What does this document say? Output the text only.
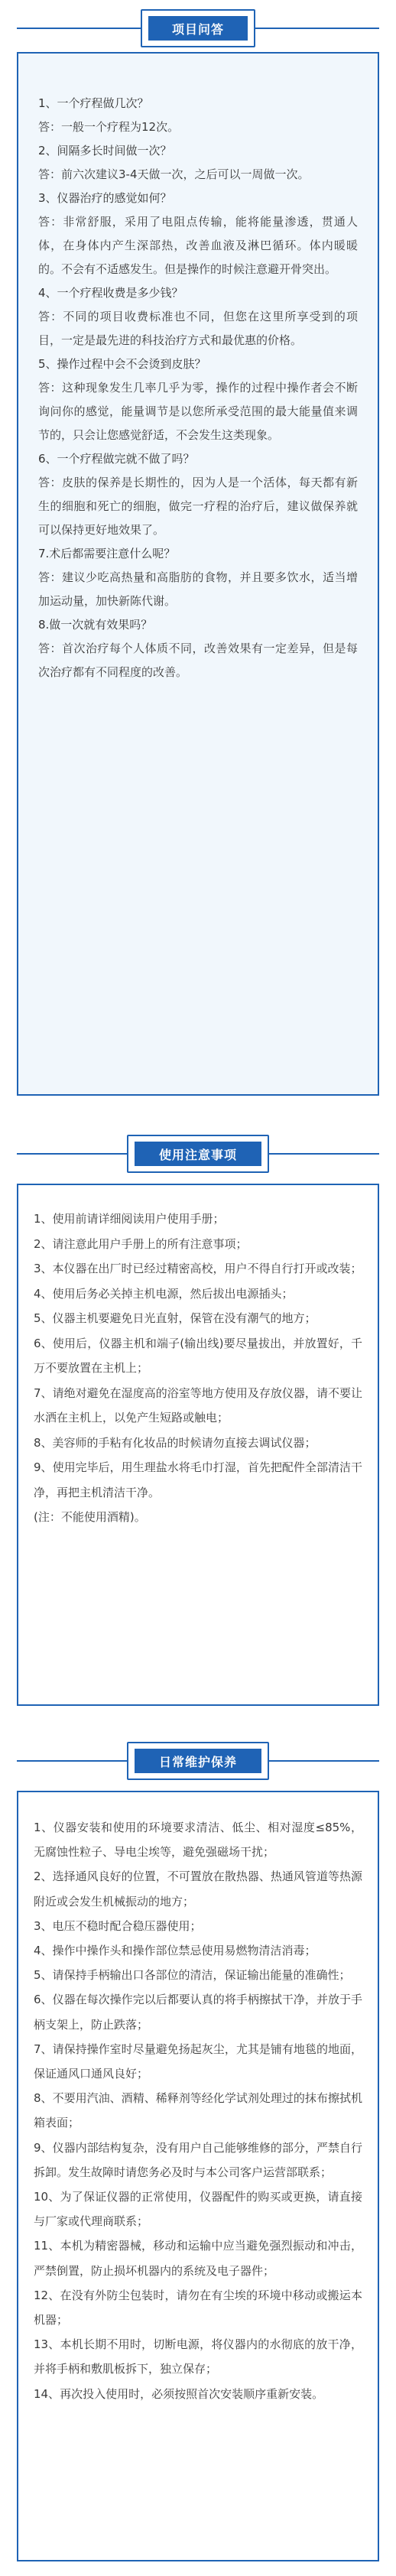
项目问答

1、一个疗程做几次？

答：一般一个疗程为12次。

2、间隔多长时间做一次？

答：前六次建议3-4天做一次，之后可以一周做一次。

3、仪器治疗的感觉如何？

答：非常舒服，采用了电阻点传输，能将能量渗透，贯通人体，在身体内产生深部热，改善血液及淋巴循环。体内暖暖的。不会有不适感发生。但是操作的时候注意避开骨突出。

4、一个疗程收费是多少钱？

答：不同的项目收费标准也不同，但您在这里所享受到的项目，一定是最先进的科技治疗方式和最优惠的价格。

5、操作过程中会不会烫到皮肤？

答：这种现象发生几率几乎为零，操作的过程中操作者会不断询问你的感觉，能量调节是以您所承受范围的最大能量值来调节的，只会让您感觉舒适，不会发生这类现象。

6、一个疗程做完就不做了吗？

答：皮肤的保养是长期性的，因为人是一个活体，每天都有新生的细胞和死亡的细胞，做完一疗程的治疗后，建议做保养就可以保持更好地效果了。

7.术后都需要注意什么呢？

答：建议少吃高热量和高脂肪的食物，并且要多饮水，适当增加运动量，加快新陈代谢。

8.做一次就有效果吗？

答：首次治疗每个人体质不同，改善效果有一定差异，但是每次治疗都有不同程度的改善。

使用注意事项

1、使用前请详细阅读用户使用手册；

2、请注意此用户手册上的所有注意事项；

3、本仪器在出厂时已经过精密高校，用户不得自行打开或改装；

4、使用后务必关掉主机电源，然后拔出电源插头；

5、仪器主机要避免日光直射，保管在没有潮气的地方；

6、使用后，仪器主机和端子(输出线)要尽量拔出，并放置好，千万不要放置在主机上；

7、请绝对避免在湿度高的浴室等地方使用及存放仪器，请不要让水洒在主机上，以免产生短路或触电；

8、美容师的手粘有化妆品的时候请勿直接去调试仪器；

9、使用完毕后，用生理盐水将毛巾打湿，首先把配件全部清洁干净，再把主机清洁干净。

(注：不能使用酒精)。

日常维护保养

1、仪器安装和使用的环境要求清洁、低尘、相对湿度≤85%，无腐蚀性粒子、导电尘埃等，避免强磁场干扰；

2、选择通风良好的位置，不可置放在散热器、热通风管道等热源附近或会发生机械振动的地方；

3、电压不稳时配合稳压器使用；

4、操作中操作头和操作部位禁忌使用易燃物清洁消毒；

5、请保持手柄输出口各部位的清洁，保证输出能量的准确性；

6、仪器在每次操作完以后都要认真的将手柄擦拭干净，并放于手柄支架上，防止跌落；

7、请保持操作室时尽量避免扬起灰尘，尤其是铺有地毯的地面，保证通风口通风良好；

8、不要用汽油、酒精、稀释剂等经化学试剂处理过的抹布擦拭机箱表面；

9、仪器内部结构复杂，没有用户自己能够维修的部分，严禁自行拆卸。发生故障时请您务必及时与本公司客户运营部联系；

10、为了保证仪器的正常使用，仪器配件的购买或更换，请直接与厂家或代理商联系；

11、本机为精密器械，移动和运输中应当避免强烈振动和冲击，严禁倒置，防止损坏机器内的系统及电子器件；

12、在没有外防尘包装时，请勿在有尘埃的环境中移动或搬运本机器；

13、本机长期不用时，切断电源，将仪器内的水彻底的放干净，并将手柄和敷肌板拆下，独立保存；

14、再次投入使用时，必须按照首次安装顺序重新安装。
